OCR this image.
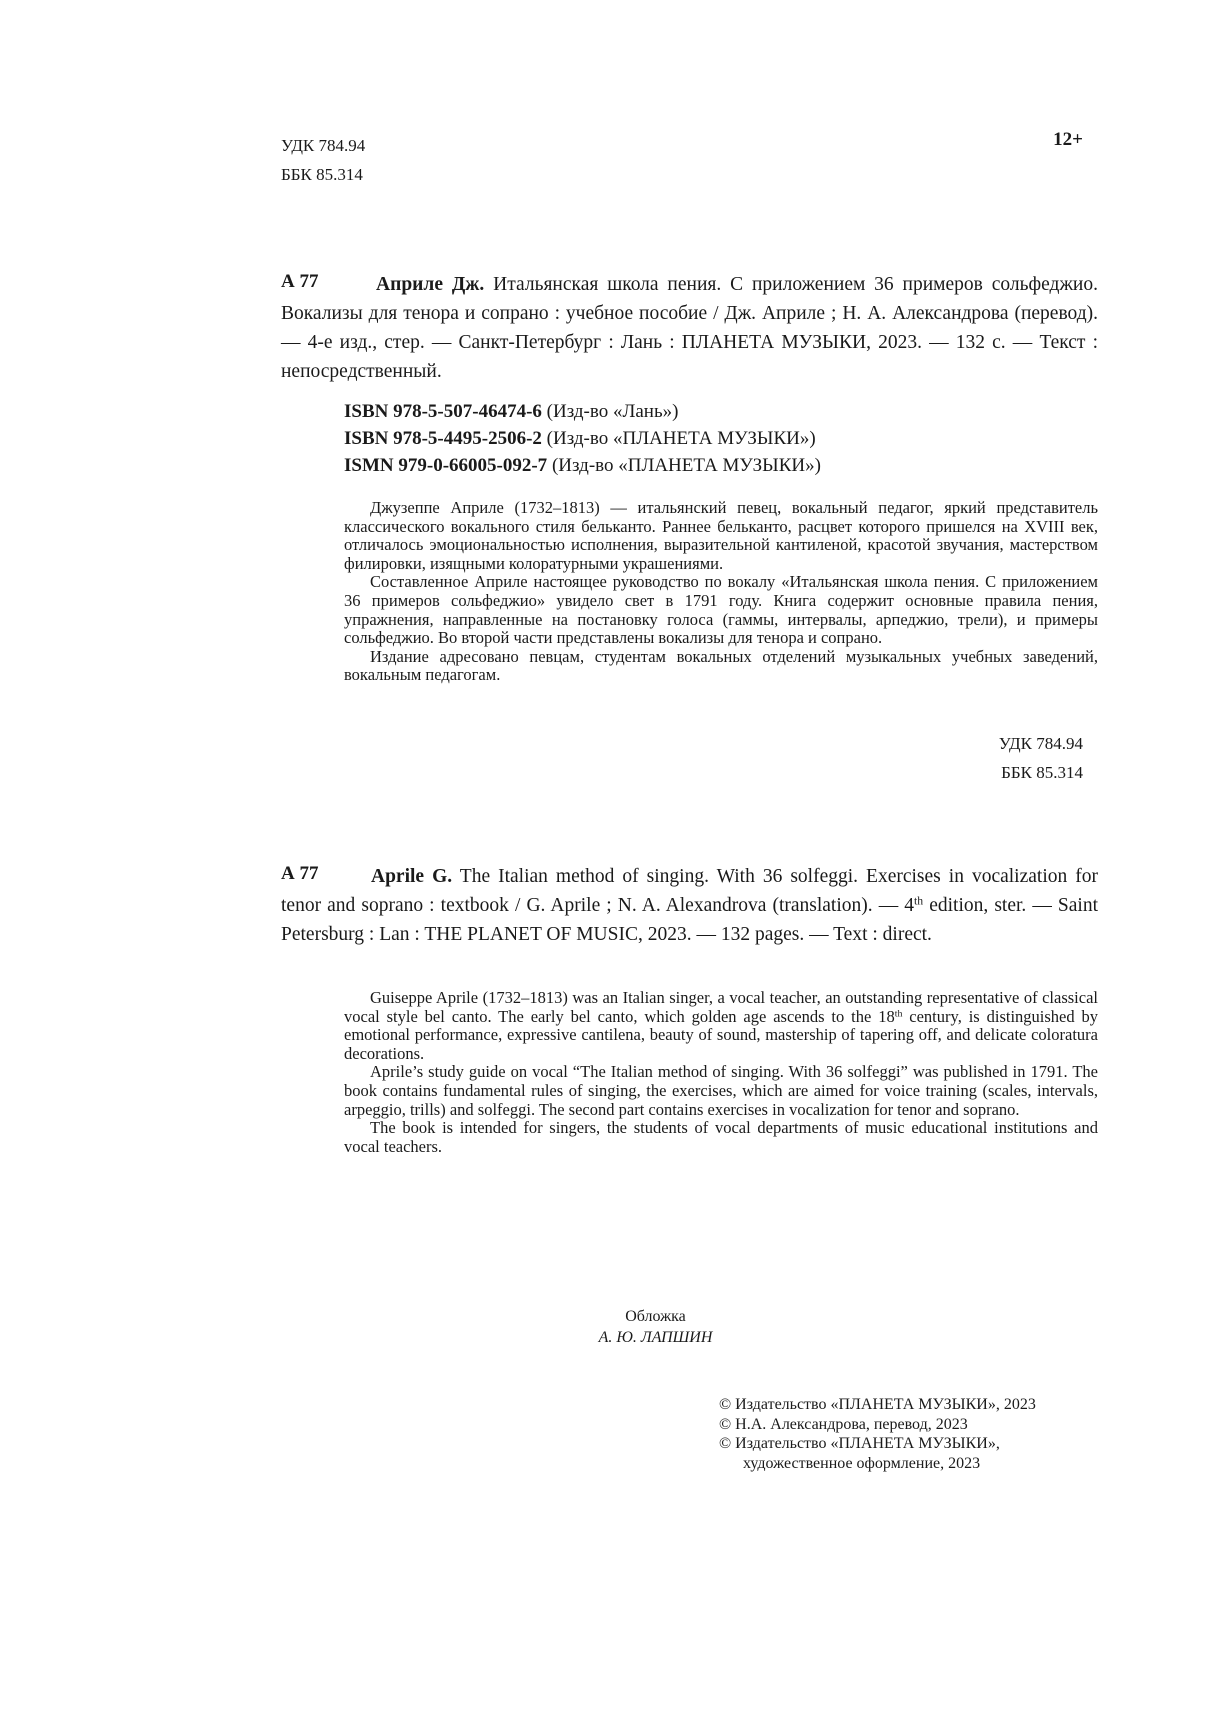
УДК 784.94
ББК 85.314
12+
А 77	Априле Дж. Итальянская школа пения. С приложением 36 примеров сольфеджио. Вокализы для тенора и сопрано : учебное пособие / Дж. Априле ; Н. А. Александрова (перевод). — 4-е изд., стер. — Санкт-Петербург : Лань : ПЛАНЕТА МУЗЫКИ, 2023. — 132 с. — Текст : непосредственный.

ISBN 978-5-507-46474-6 (Изд-во «Лань»)
ISBN 978-5-4495-2506-2 (Изд-во «ПЛАНЕТА МУЗЫКИ»)
ISMN 979-0-66005-092-7 (Изд-во «ПЛАНЕТА МУЗЫКИ»)

Джузеппе Априле (1732–1813) — итальянский певец, вокальный педагог, яркий представитель классического вокального стиля бельканто. Раннее бельканто, расцвет которого пришелся на XVIII век, отличалось эмоциональностью исполнения, выразительной кантиленой, красотой звучания, мастерством филировки, изящными колоратурными украшениями.

Составленное Априле настоящее руководство по вокалу «Итальянская школа пения. С приложением 36 примеров сольфеджио» увидело свет в 1791 году. Книга содержит основные правила пения, упражнения, направленные на постановку голоса (гаммы, интервалы, арпеджио, трели), и примеры сольфеджио. Во второй части представлены вокализы для тенора и сопрано.

Издание адресовано певцам, студентам вокальных отделений музыкальных учебных заведений, вокальным педагогам.

УДК 784.94
ББК 85.314
А 77	Aprile G. The Italian method of singing. With 36 solfeggi. Exercises in vocalization for tenor and soprano : textbook / G. Aprile ; N. A. Alexandrova (translation). — 4th edition, ster. — Saint Petersburg : Lan : THE PLANET OF MUSIC, 2023. — 132 pages. — Text : direct.

Guiseppe Aprile (1732–1813) was an Italian singer, a vocal teacher, an outstanding representative of classical vocal style bel canto. The early bel canto, which golden age ascends to the 18th century, is distinguished by emotional performance, expressive cantilena, beauty of sound, mastership of tapering off, and delicate coloratura decorations.

Aprile’s study guide on vocal “The Italian method of singing. With 36 solfeggi” was published in 1791. The book contains fundamental rules of singing, the exercises, which are aimed for voice training (scales, intervals, arpeggio, trills) and solfeggi. The second part contains exercises in vocalization for tenor and soprano.

The book is intended for singers, the students of vocal departments of music educational institutions and vocal teachers.

Обложка
А. Ю. ЛАПШИН
© Издательство «ПЛАНЕТА МУЗЫКИ», 2023
© Н.А. Александрова, перевод, 2023
© Издательство «ПЛАНЕТА МУЗЫКИ»,
художественное оформление, 2023
